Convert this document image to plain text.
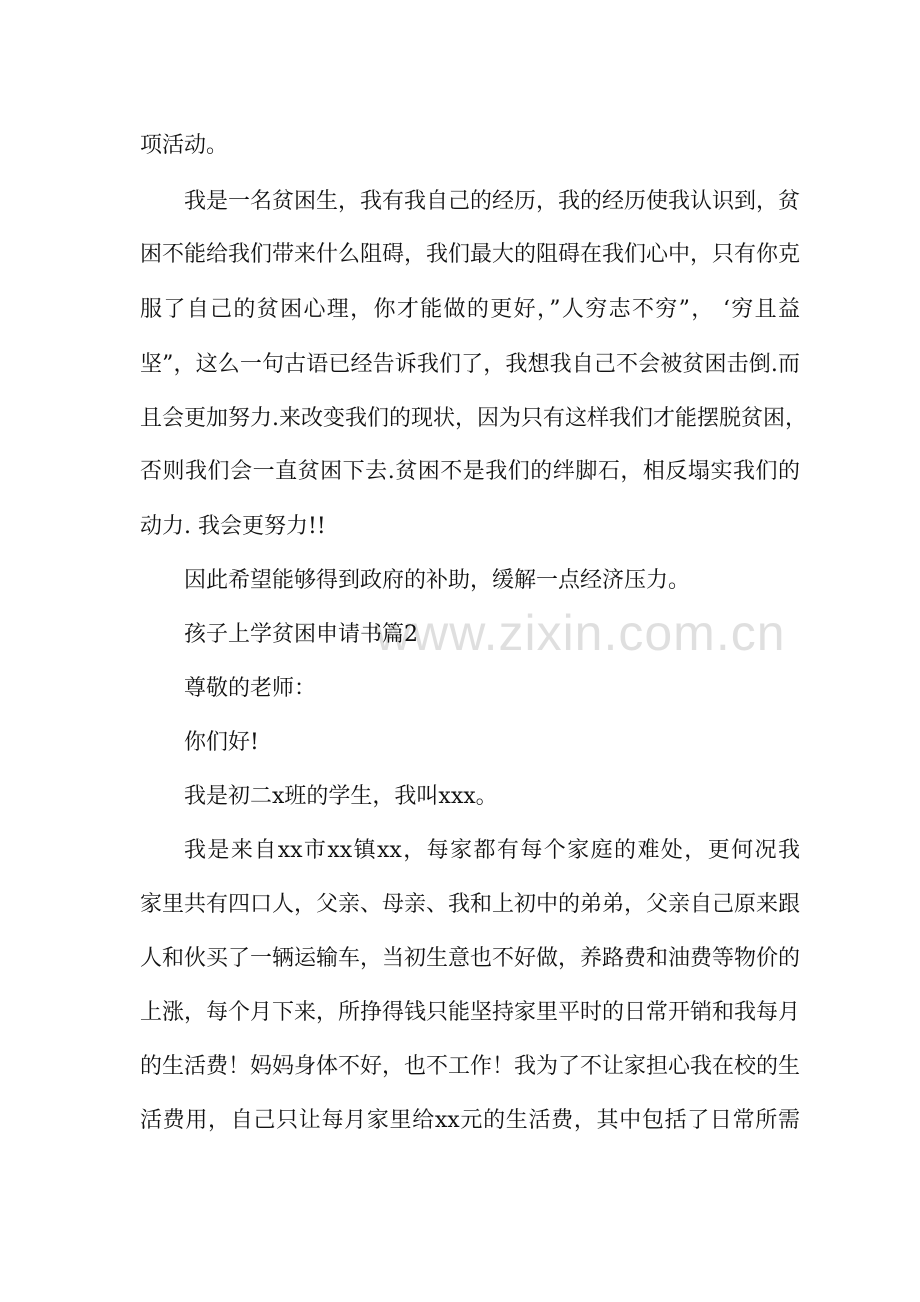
项活动。
我是一名贫困生，我有我自己的经历，我的经历使我认识到，贫
困不能给我们带来什么阻碍，我们最大的阻碍在我们心中，只有你克
服了自己的贫困心理，你才能做的更好，”人穷志不穷”， ‘穷且益
坚”，这么一句古语已经告诉我们了，我想我自己不会被贫困击倒.而
且会更加努力.来改变我们的现状，因为只有这样我们才能摆脱贫困，
否则我们会一直贫困下去.贫困不是我们的绊脚石，相反塌实我们的
动力. 我会更努力!!
因此希望能够得到政府的补助，缓解一点经济压力。
孩子上学贫困申请书篇2
尊敬的老师：
你们好!
我是初二x班的学生，我叫xxx。
我是来自xx市xx镇xx，每家都有每个家庭的难处，更何况我
家里共有四口人，父亲、母亲、我和上初中的弟弟，父亲自己原来跟
人和伙买了一辆运输车，当初生意也不好做，养路费和油费等物价的
上涨，每个月下来，所挣得钱只能坚持家里平时的日常开销和我每月
的生活费！妈妈身体不好，也不工作！我为了不让家担心我在校的生
活费用，自己只让每月家里给xx元的生活费，其中包括了日常所需
www.zixin.com.cn
